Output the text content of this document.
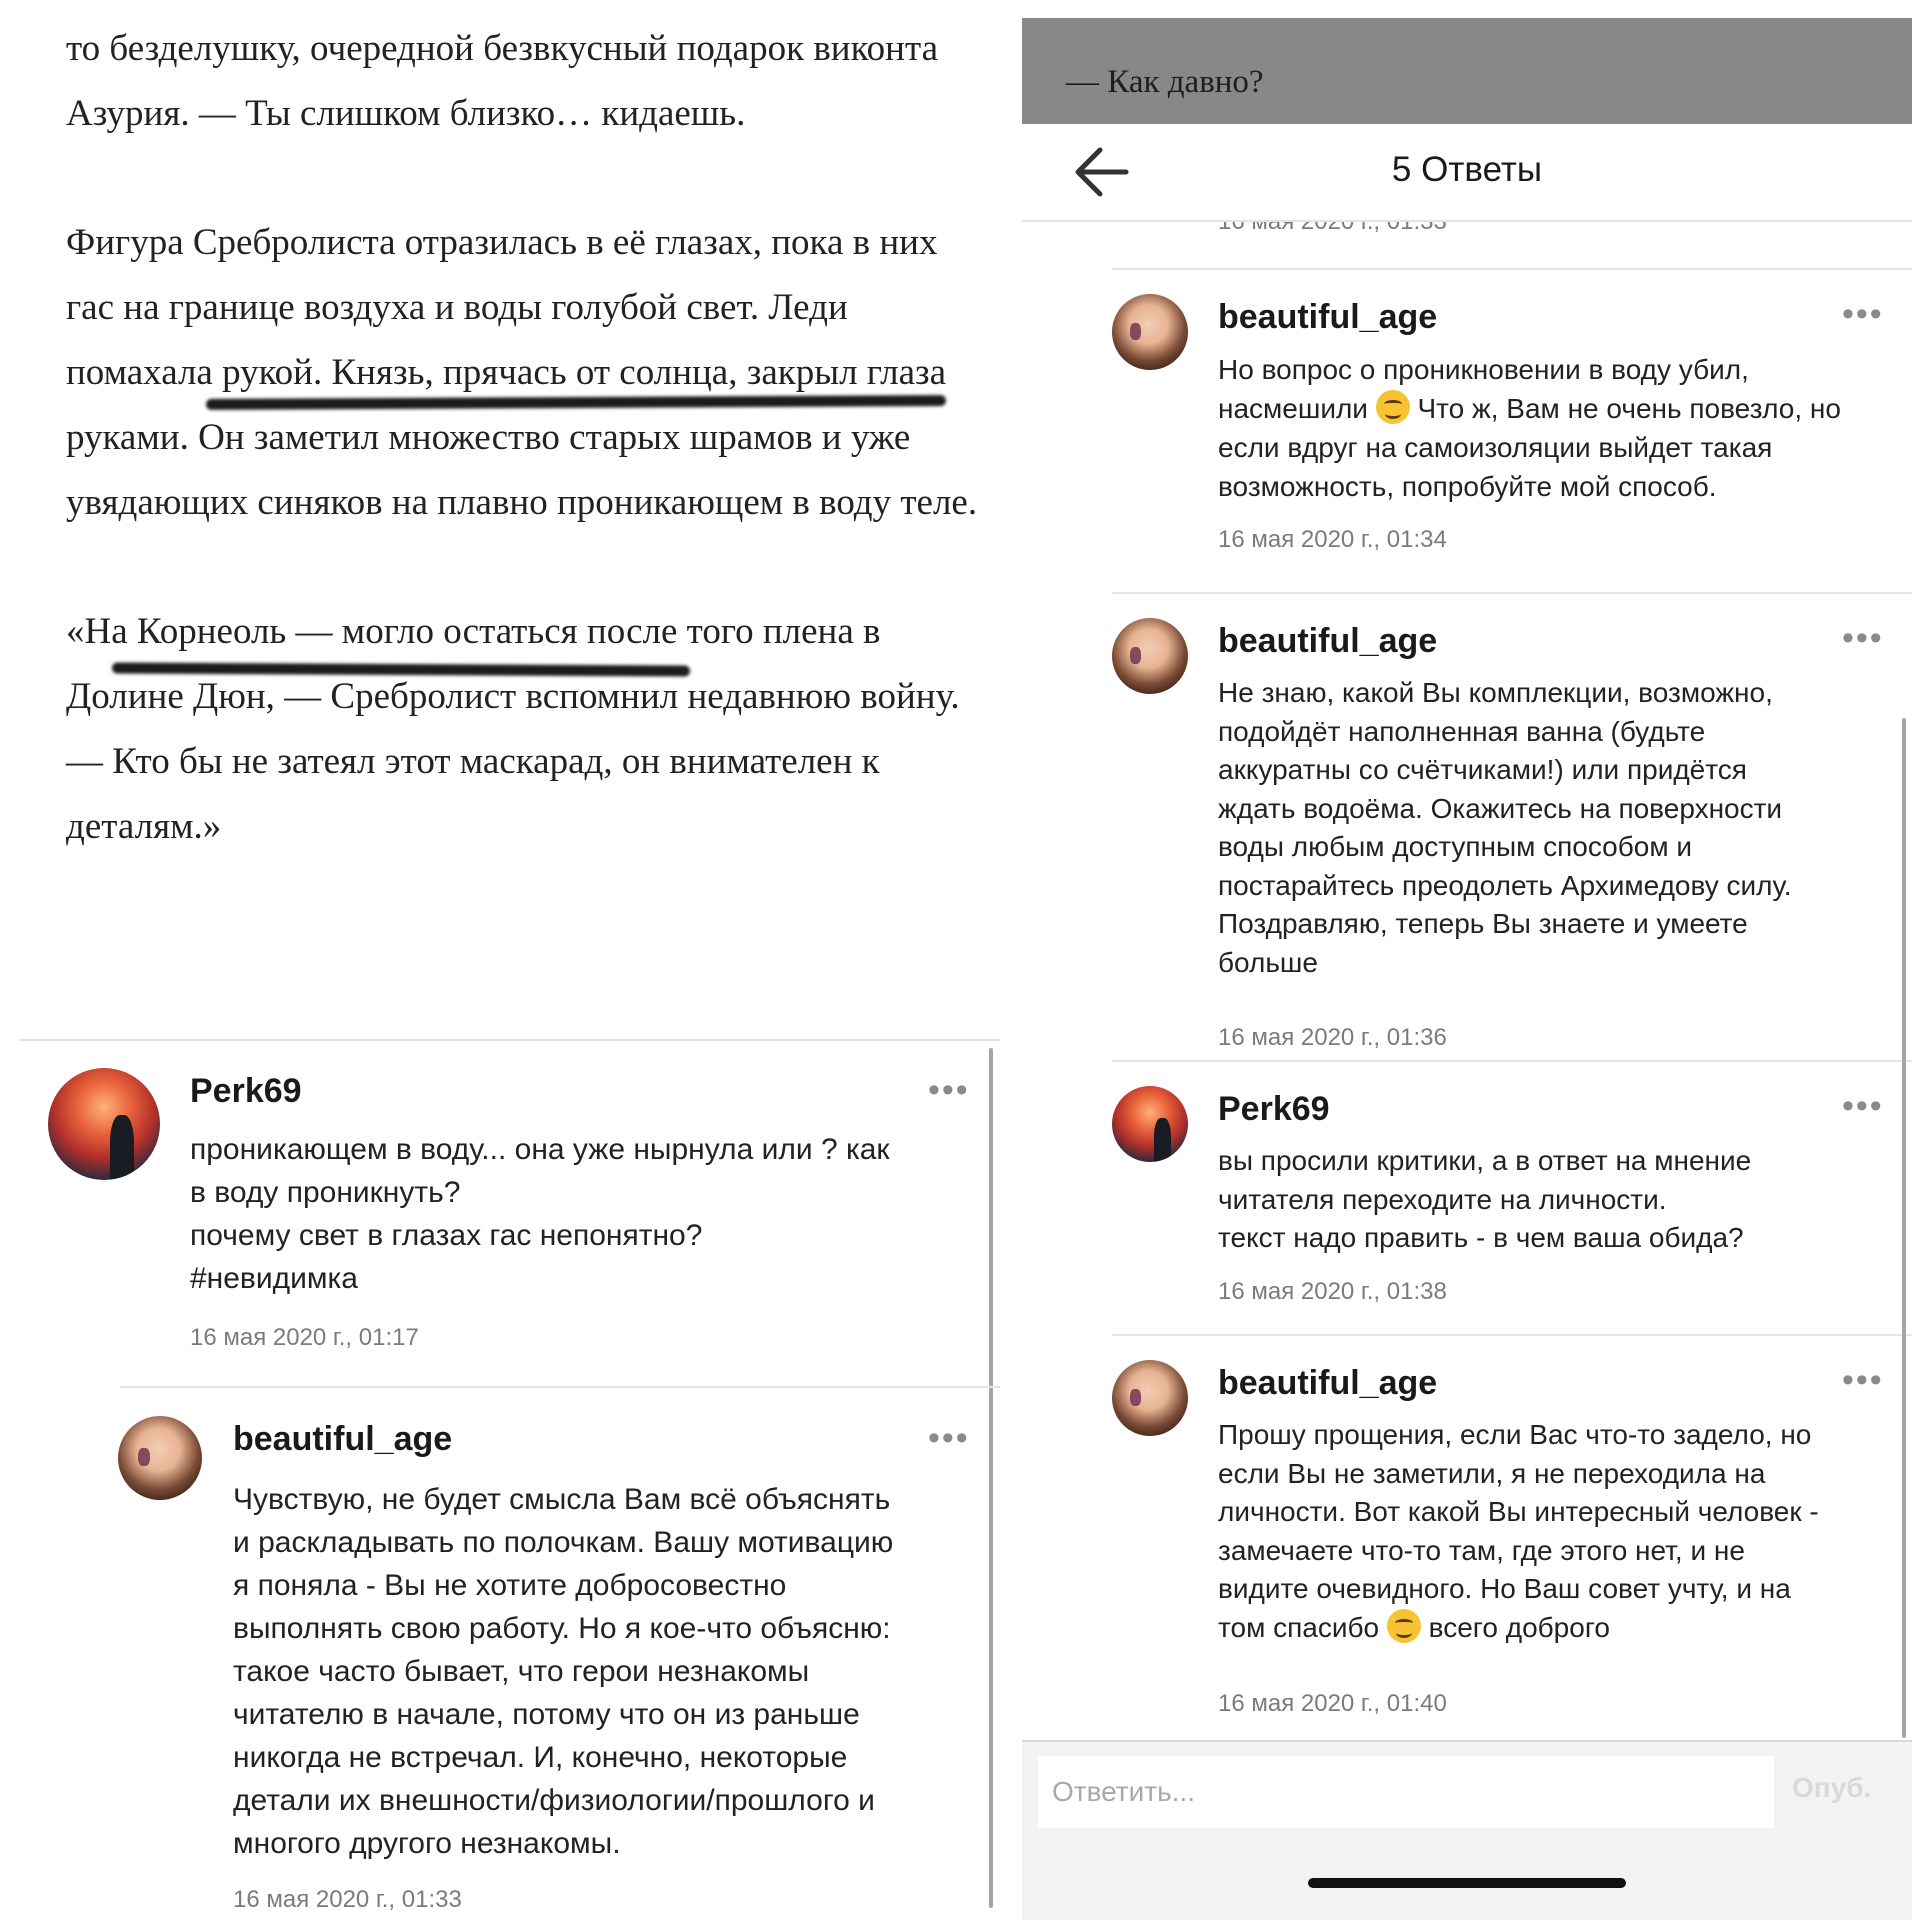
то безделушку, очередной безвкусный подарок виконта Азурия. — Ты слишком близко… кидаешь.

Фигура Сребролиста отразилась в её глазах, пока в них гас на границе воздуха и воды голубой свет. Леди помахала рукой. Князь, прячась от солнца, закрыл глаза руками. Он заметил множество старых шрамов и уже увядающих синяков на плавно проникающем в воду теле.

«На Корнеоль — могло остаться после того плена в Долине Дюн, — Сребролист вспомнил недавнюю войну. — Кто бы не затеял этот маскарад, он внимателен к деталям.»

Perk69	•••
проникающем в воду... она уже нырнула или ? как
в воду проникнуть?
почему свет в глазах гас непонятно?
#невидимка
16 мая 2020 г., 01:17
beautiful_age	•••
Чувствую, не будет смысла Вам всё объяснять
и раскладывать по полочкам. Вашу мотивацию
я поняла - Вы не хотите добросовестно
выполнять свою работу. Но я кое-что объясню:
такое часто бывает, что герои незнакомы
читателю в начале, потому что он из раньше
никогда не встречал. И, конечно, некоторые
детали их внешности/физиологии/прошлого и
многого другого незнакомы.
16 мая 2020 г., 01:33
— Как давно?
5 Ответы
beautiful_age	•••
Но вопрос о проникновении в воду убил,
насмешили  Что ж, Вам не очень повезло, но
если вдруг на самоизоляции выйдет такая
возможность, попробуйте мой способ.
16 мая 2020 г., 01:34
beautiful_age	•••
Не знаю, какой Вы комплекции, возможно,
подойдёт наполненная ванна (будьте
аккуратны со счётчиками!) или придётся
ждать водоёма. Окажитесь на поверхности
воды любым доступным способом и
постарайтесь преодолеть Архимедову силу.
Поздравляю, теперь Вы знаете и умеете
больше
16 мая 2020 г., 01:36
Perk69	•••
вы просили критики, а в ответ на мнение
читателя переходите на личности.
текст надо править - в чем ваша обида?
16 мая 2020 г., 01:38
beautiful_age	•••
Прошу прощения, если Вас что-то задело, но
если Вы не заметили, я не переходила на
личности. Вот какой Вы интересный человек -
замечаете что-то там, где этого нет, и не
видите очевидного. Но Ваш совет учту, и на
том спасибо  всего доброго
16 мая 2020 г., 01:40
Ответить...
Опуб.
